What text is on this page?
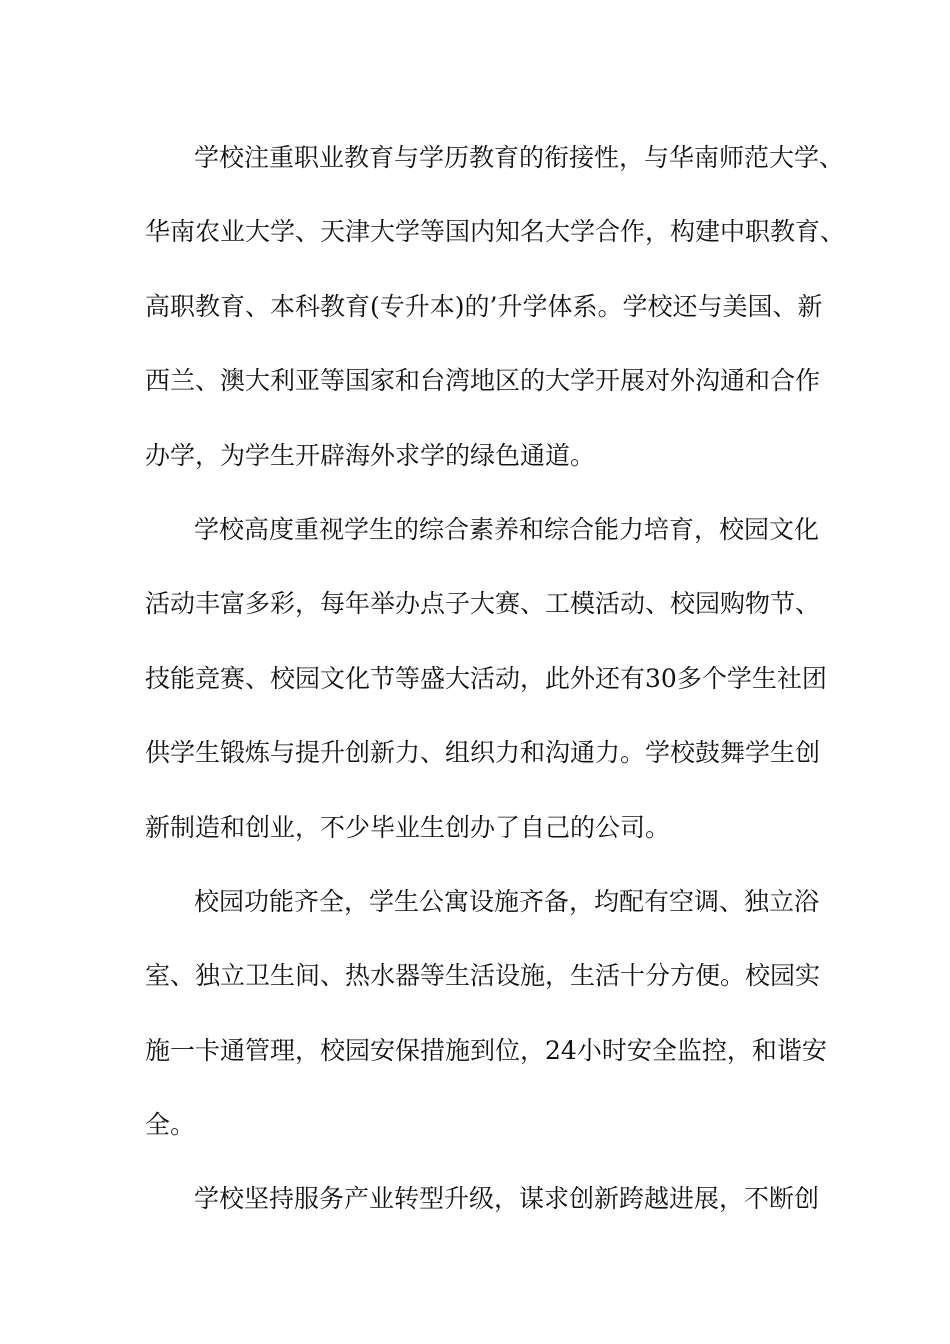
学校注重职业教育与学历教育的衔接性，与华南师范大学、
华南农业大学、天津大学等国内知名大学合作，构建中职教育、
高职教育、本科教育(专升本)的’升学体系。学校还与美国、新
西兰、澳大利亚等国家和台湾地区的大学开展对外沟通和合作
办学，为学生开辟海外求学的绿色通道。
学校高度重视学生的综合素养和综合能力培育，校园文化
活动丰富多彩，每年举办点子大赛、工模活动、校园购物节、
技能竞赛、校园文化节等盛大活动，此外还有30多个学生社团
供学生锻炼与提升创新力、组织力和沟通力。学校鼓舞学生创
新制造和创业，不少毕业生创办了自己的公司。
校园功能齐全，学生公寓设施齐备，均配有空调、独立浴
室、独立卫生间、热水器等生活设施，生活十分方便。校园实
施一卡通管理，校园安保措施到位，24小时安全监控，和谐安
全。
学校坚持服务产业转型升级，谋求创新跨越进展，不断创
